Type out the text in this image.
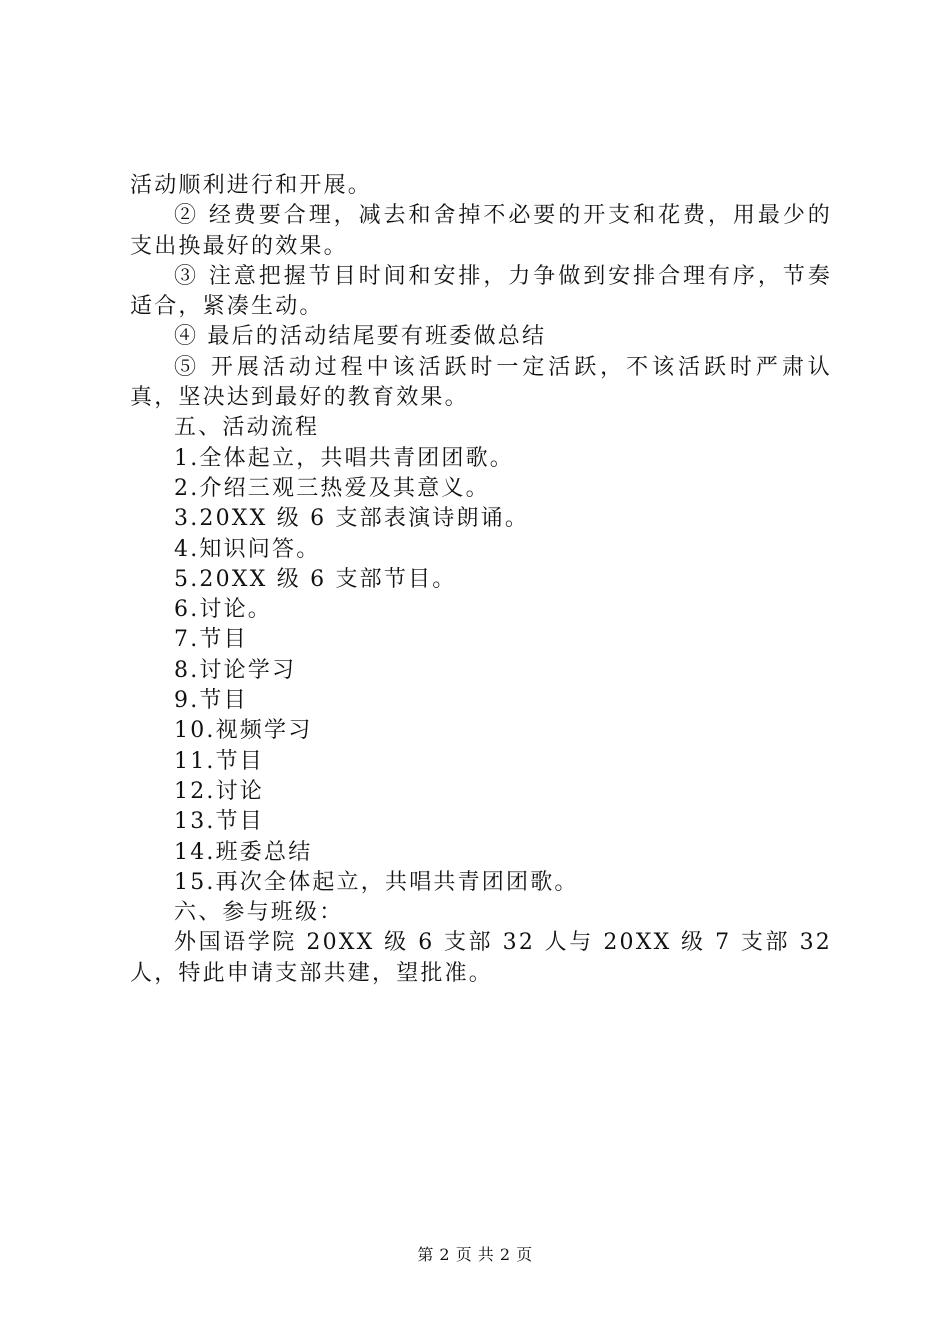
活动顺利进行和开展。

② 经费要合理，减去和舍掉不必要的开支和花费，用最少的支出换最好的效果。

③ 注意把握节目时间和安排，力争做到安排合理有序，节奏适合，紧凑生动。

④ 最后的活动结尾要有班委做总结

⑤ 开展活动过程中该活跃时一定活跃，不该活跃时严肃认真，坚决达到最好的教育效果。

五、活动流程

1.全体起立，共唱共青团团歌。

2.介绍三观三热爱及其意义。

3.20XX 级 6 支部表演诗朗诵。

4.知识问答。

5.20XX 级 6 支部节目。

6.讨论。

7.节目

8.讨论学习

9.节目

10.视频学习

11.节目

12.讨论

13.节目

14.班委总结

15.再次全体起立，共唱共青团团歌。

六、参与班级：

外国语学院 20XX 级 6 支部 32 人与 20XX 级 7 支部 32 人，特此申请支部共建，望批准。

第 2 页 共 2 页
